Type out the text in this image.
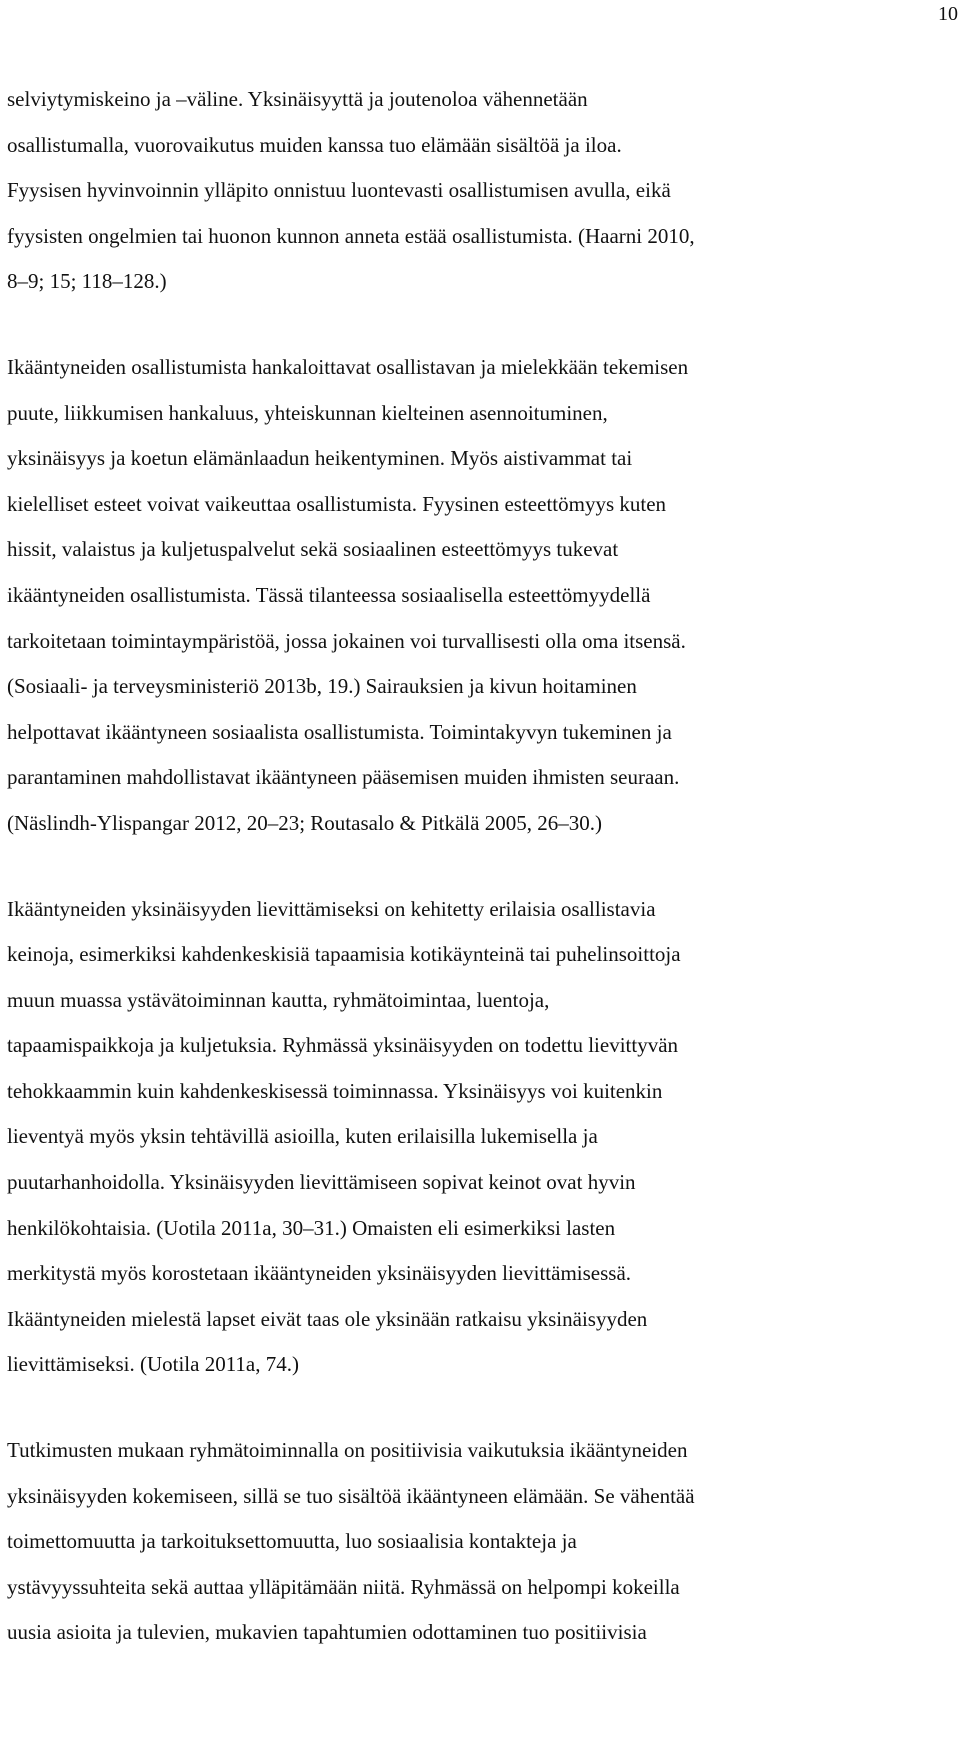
10
selviytymiskeino ja –väline. Yksinäisyyttä ja joutenoloa vähennetään
osallistumalla, vuorovaikutus muiden kanssa tuo elämään sisältöä ja iloa.
Fyysisen hyvinvoinnin ylläpito onnistuu luontevasti osallistumisen avulla, eikä
fyysisten ongelmien tai huonon kunnon anneta estää osallistumista. (Haarni 2010,
8–9; 15; 118–128.)
Ikääntyneiden osallistumista hankaloittavat osallistavan ja mielekkään tekemisen
puute, liikkumisen hankaluus, yhteiskunnan kielteinen asennoituminen,
yksinäisyys ja koetun elämänlaadun heikentyminen. Myös aistivammat tai
kielelliset esteet voivat vaikeuttaa osallistumista. Fyysinen esteettömyys kuten
hissit, valaistus ja kuljetuspalvelut sekä sosiaalinen esteettömyys tukevat
ikääntyneiden osallistumista. Tässä tilanteessa sosiaalisella esteettömyydellä
tarkoitetaan toimintaympäristöä, jossa jokainen voi turvallisesti olla oma itsensä.
(Sosiaali- ja terveysministeriö 2013b, 19.) Sairauksien ja kivun hoitaminen
helpottavat ikääntyneen sosiaalista osallistumista. Toimintakyvyn tukeminen ja
parantaminen mahdollistavat ikääntyneen pääsemisen muiden ihmisten seuraan.
(Näslindh-Ylispangar 2012, 20–23; Routasalo & Pitkälä 2005, 26–30.)
Ikääntyneiden yksinäisyyden lievittämiseksi on kehitetty erilaisia osallistavia
keinoja, esimerkiksi kahdenkeskisiä tapaamisia kotikäynteinä tai puhelinsoittoja
muun muassa ystävätoiminnan kautta, ryhmätoimintaa, luentoja,
tapaamispaikkoja ja kuljetuksia. Ryhmässä yksinäisyyden on todettu lievittyvän
tehokkaammin kuin kahdenkeskisessä toiminnassa. Yksinäisyys voi kuitenkin
lieventyä myös yksin tehtävillä asioilla, kuten erilaisilla lukemisella ja
puutarhanhoidolla. Yksinäisyyden lievittämiseen sopivat keinot ovat hyvin
henkilökohtaisia. (Uotila 2011a, 30–31.) Omaisten eli esimerkiksi lasten
merkitystä myös korostetaan ikääntyneiden yksinäisyyden lievittämisessä.
Ikääntyneiden mielestä lapset eivät taas ole yksinään ratkaisu yksinäisyyden
lievittämiseksi. (Uotila 2011a, 74.)
Tutkimusten mukaan ryhmätoiminnalla on positiivisia vaikutuksia ikääntyneiden
yksinäisyyden kokemiseen, sillä se tuo sisältöä ikääntyneen elämään. Se vähentää
toimettomuutta ja tarkoituksettomuutta, luo sosiaalisia kontakteja ja
ystävyyssuhteita sekä auttaa ylläpitämään niitä. Ryhmässä on helpompi kokeilla
uusia asioita ja tulevien, mukavien tapahtumien odottaminen tuo positiivisia
